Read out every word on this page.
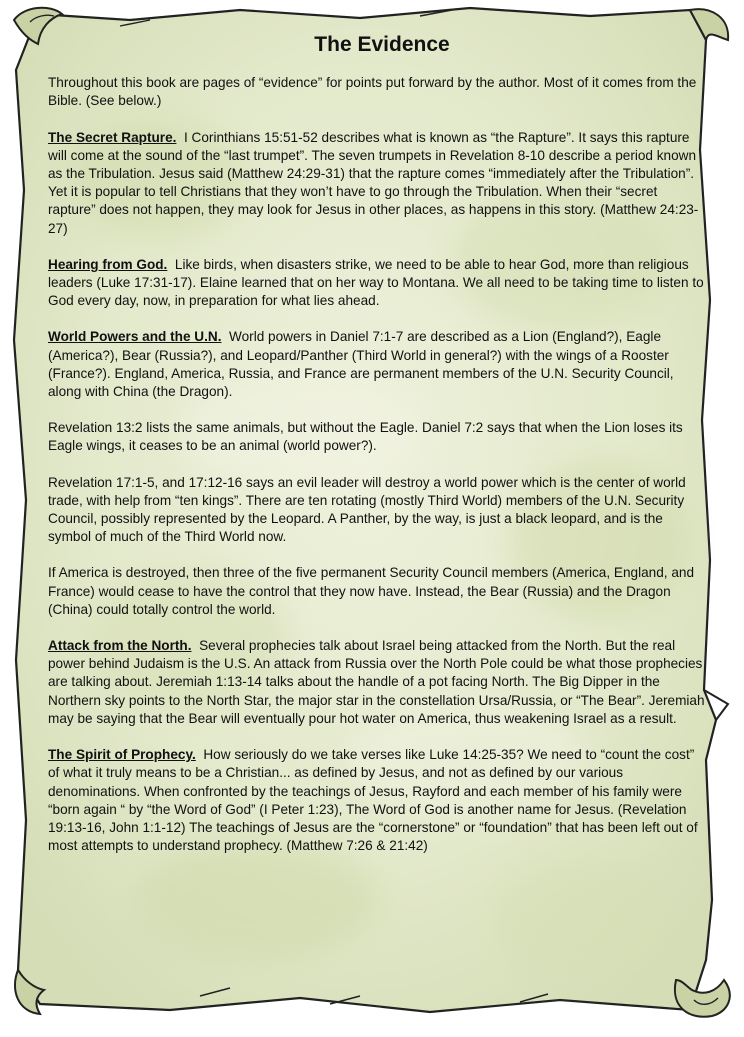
The Evidence

Throughout this book are pages of “evidence” for points put forward by the author. Most of it comes from the Bible. (See below.)

The Secret Rapture. I Corinthians 15:51-52 describes what is known as “the Rapture”. It says this rapture will come at the sound of the “last trumpet”. The seven trumpets in Revelation 8-10 describe a period known as the Tribulation. Jesus said (Matthew 24:29-31) that the rapture comes “immediately after the Tribulation”. Yet it is popular to tell Christians that they won’t have to go through the Tribulation. When their “secret rapture” does not happen, they may look for Jesus in other places, as happens in this story. (Matthew 24:23-27)

Hearing from God. Like birds, when disasters strike, we need to be able to hear God, more than religious leaders (Luke 17:31-17). Elaine learned that on her way to Montana. We all need to be taking time to listen to God every day, now, in preparation for what lies ahead.

World Powers and the U.N. World powers in Daniel 7:1-7 are described as a Lion (England?), Eagle (America?), Bear (Russia?), and Leopard/Panther (Third World in general?) with the wings of a Rooster (France?). England, America, Russia, and France are permanent members of the U.N. Security Council, along with China (the Dragon).

Revelation 13:2 lists the same animals, but without the Eagle. Daniel 7:2 says that when the Lion loses its Eagle wings, it ceases to be an animal (world power?).

Revelation 17:1-5, and 17:12-16 says an evil leader will destroy a world power which is the center of world trade, with help from “ten kings”. There are ten rotating (mostly Third World) members of the U.N. Security Council, possibly represented by the Leopard. A Panther, by the way, is just a black leopard, and is the symbol of much of the Third World now.

If America is destroyed, then three of the five permanent Security Council members (America, England, and France) would cease to have the control that they now have. Instead, the Bear (Russia) and the Dragon (China) could totally control the world.

Attack from the North. Several prophecies talk about Israel being attacked from the North. But the real power behind Judaism is the U.S. An attack from Russia over the North Pole could be what those prophecies are talking about. Jeremiah 1:13-14 talks about the handle of a pot facing North. The Big Dipper in the Northern sky points to the North Star, the major star in the constellation Ursa/Russia, or “The Bear”. Jeremiah may be saying that the Bear will eventually pour hot water on America, thus weakening Israel as a result.

The Spirit of Prophecy. How seriously do we take verses like Luke 14:25-35? We need to “count the cost” of what it truly means to be a Christian... as defined by Jesus, and not as defined by our various denominations. When confronted by the teachings of Jesus, Rayford and each member of his family were “born again “ by “the Word of God” (I Peter 1:23), The Word of God is another name for Jesus. (Revelation 19:13-16, John 1:1-12) The teachings of Jesus are the “cornerstone” or “foundation” that has been left out of most attempts to understand prophecy. (Matthew 7:26 & 21:42)
